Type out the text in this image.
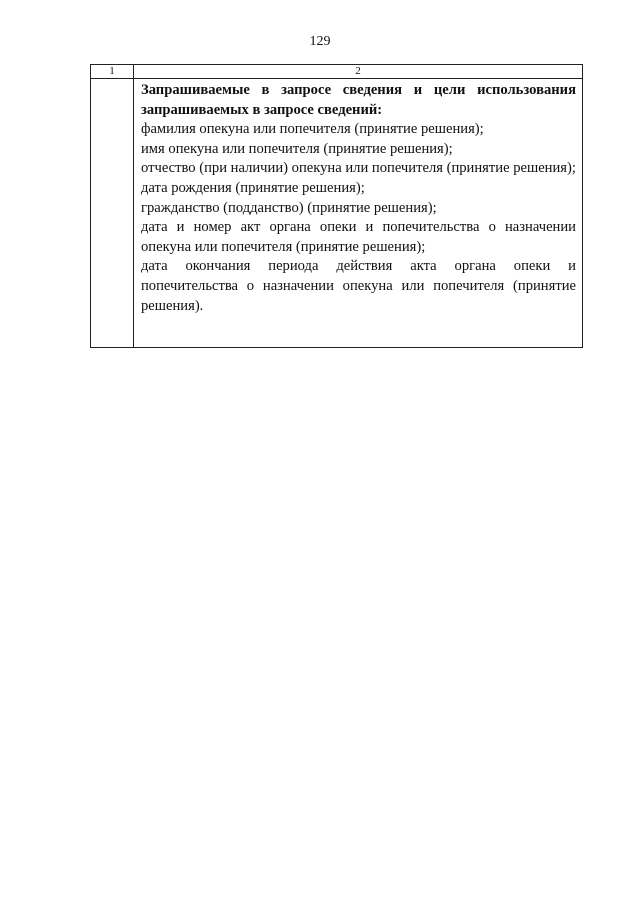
129
1	2

Запрашиваемые в запросе сведения и цели использования запрашиваемых в запросе сведений:

фамилия опекуна или попечителя (принятие решения);

имя опекуна или попечителя (принятие решения);

отчество (при наличии) опекуна или попечителя (принятие решения);

дата рождения (принятие решения);

гражданство (подданство) (принятие решения);

дата и номер акт органа опеки и попечительства о назначении опекуна или попечителя (принятие решения);

дата окончания периода действия акта органа опеки и попечительства о назначении опекуна или попечителя (принятие решения).
